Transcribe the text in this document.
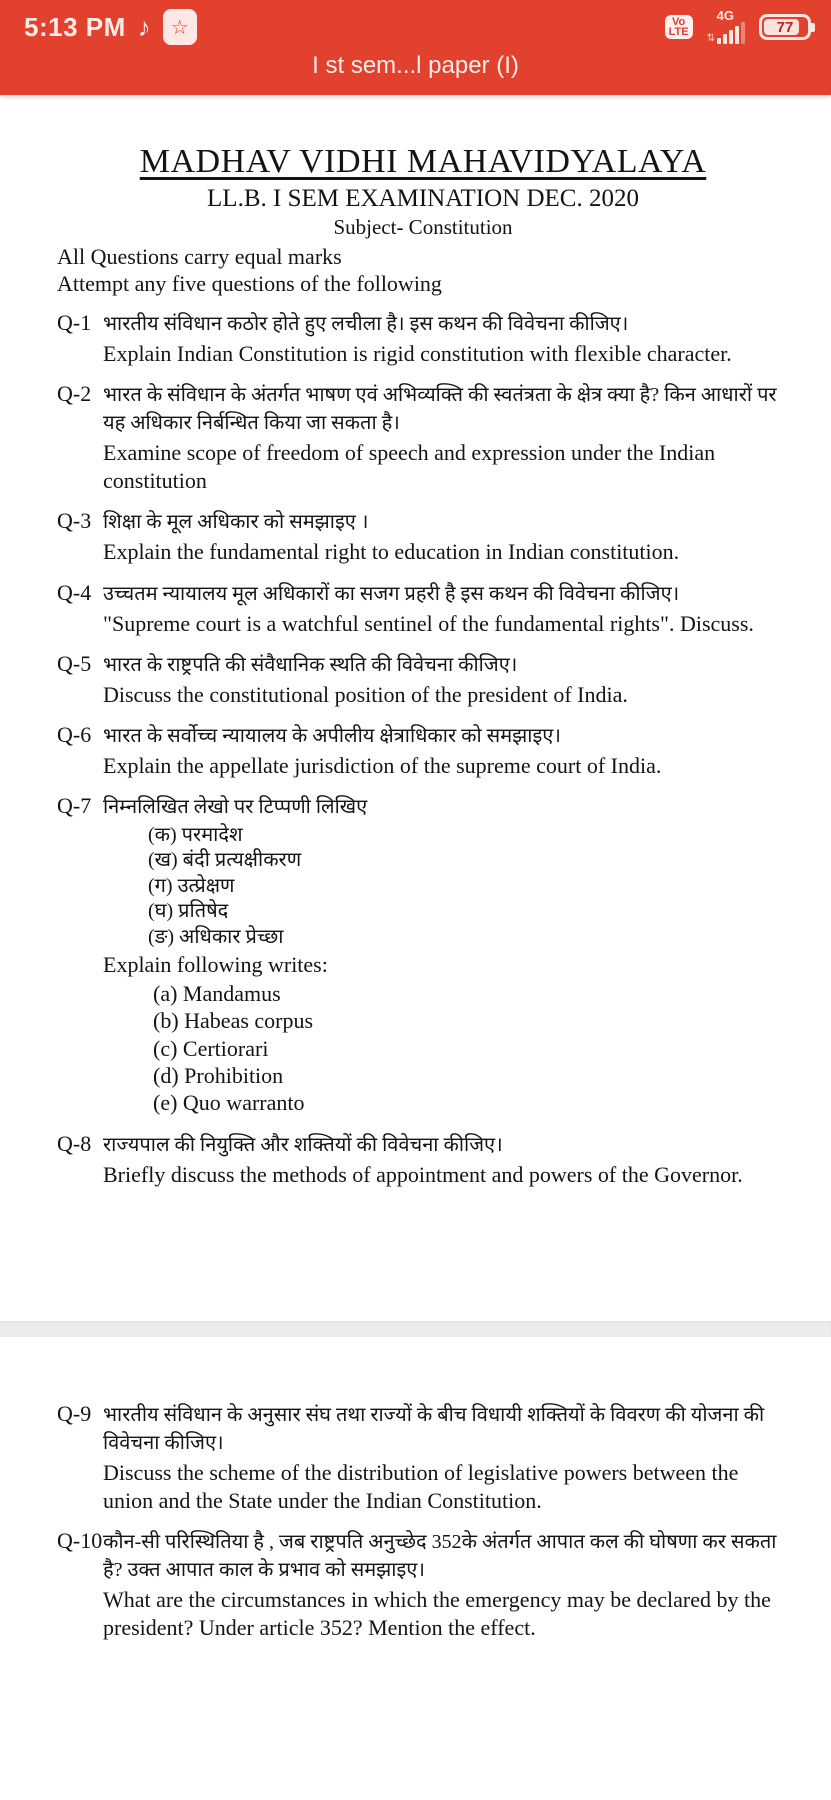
5:13 PM ♪	☆	Vo
LTE
4G
⇅
77
I st sem...l paper (I)
MADHAV VIDHI MAHAVIDYALAYA
LL.B. I SEM EXAMINATION DEC. 2020
Subject- Constitution

All Questions carry equal marks

Attempt any five questions of the following

Q-1 भारतीय संविधान कठोर होते हुए लचीला है। इस कथन की विवेचना कीजिए।
Explain Indian Constitution is rigid constitution with flexible character.
Q-2 भारत के संविधान के अंतर्गत भाषण एवं अभिव्यक्ति की स्वतंत्रता के क्षेत्र क्या है? किन आधारों पर यह अधिकार निर्बन्धित किया जा सकता है।
Examine scope of freedom of speech and expression under the Indian constitution
Q-3 शिक्षा के मूल अधिकार को समझाइए ।
Explain the fundamental right to education in Indian constitution.
Q-4 उच्चतम न्यायालय मूल अधिकारों का सजग प्रहरी है इस कथन की विवेचना कीजिए।
"Supreme court is a watchful sentinel of the fundamental rights". Discuss.
Q-5 भारत के राष्ट्रपति की संवैधानिक स्थति की विवेचना कीजिए।
Discuss the constitutional position of the president of India.
Q-6 भारत के सर्वोच्च न्यायालय के अपीलीय क्षेत्राधिकार को समझाइए।
Explain the appellate jurisdiction of the supreme court of India.
Q-7 निम्नलिखित लेखो पर टिप्पणी लिखिए
(क) परमादेश
(ख) बंदी प्रत्यक्षीकरण
(ग) उत्प्रेक्षण
(घ) प्रतिषेद
(ङ) अधिकार प्रेच्छा
Explain following writes:
(a) Mandamus
(b) Habeas corpus
(c) Certiorari
(d) Prohibition
(e) Quo warranto
Q-8 राज्यपाल की नियुक्ति और शक्तियों की विवेचना कीजिए।
Briefly discuss the methods of appointment and powers of the Governor.
Q-9 भारतीय संविधान के अनुसार संघ तथा राज्यों के बीच विधायी शक्तियों के विवरण की योजना की विवेचना कीजिए।
Discuss the scheme of the distribution of legislative powers between the union and the State under the Indian Constitution.
Q-10 कौन-सी परिस्थितिया है , जब राष्ट्रपति अनुच्छेद 352के अंतर्गत आपात कल की घोषणा कर सकता है? उक्त आपात काल के प्रभाव को समझाइए।
What are the circumstances in which the emergency may be declared by the president? Under article 352? Mention the effect.
